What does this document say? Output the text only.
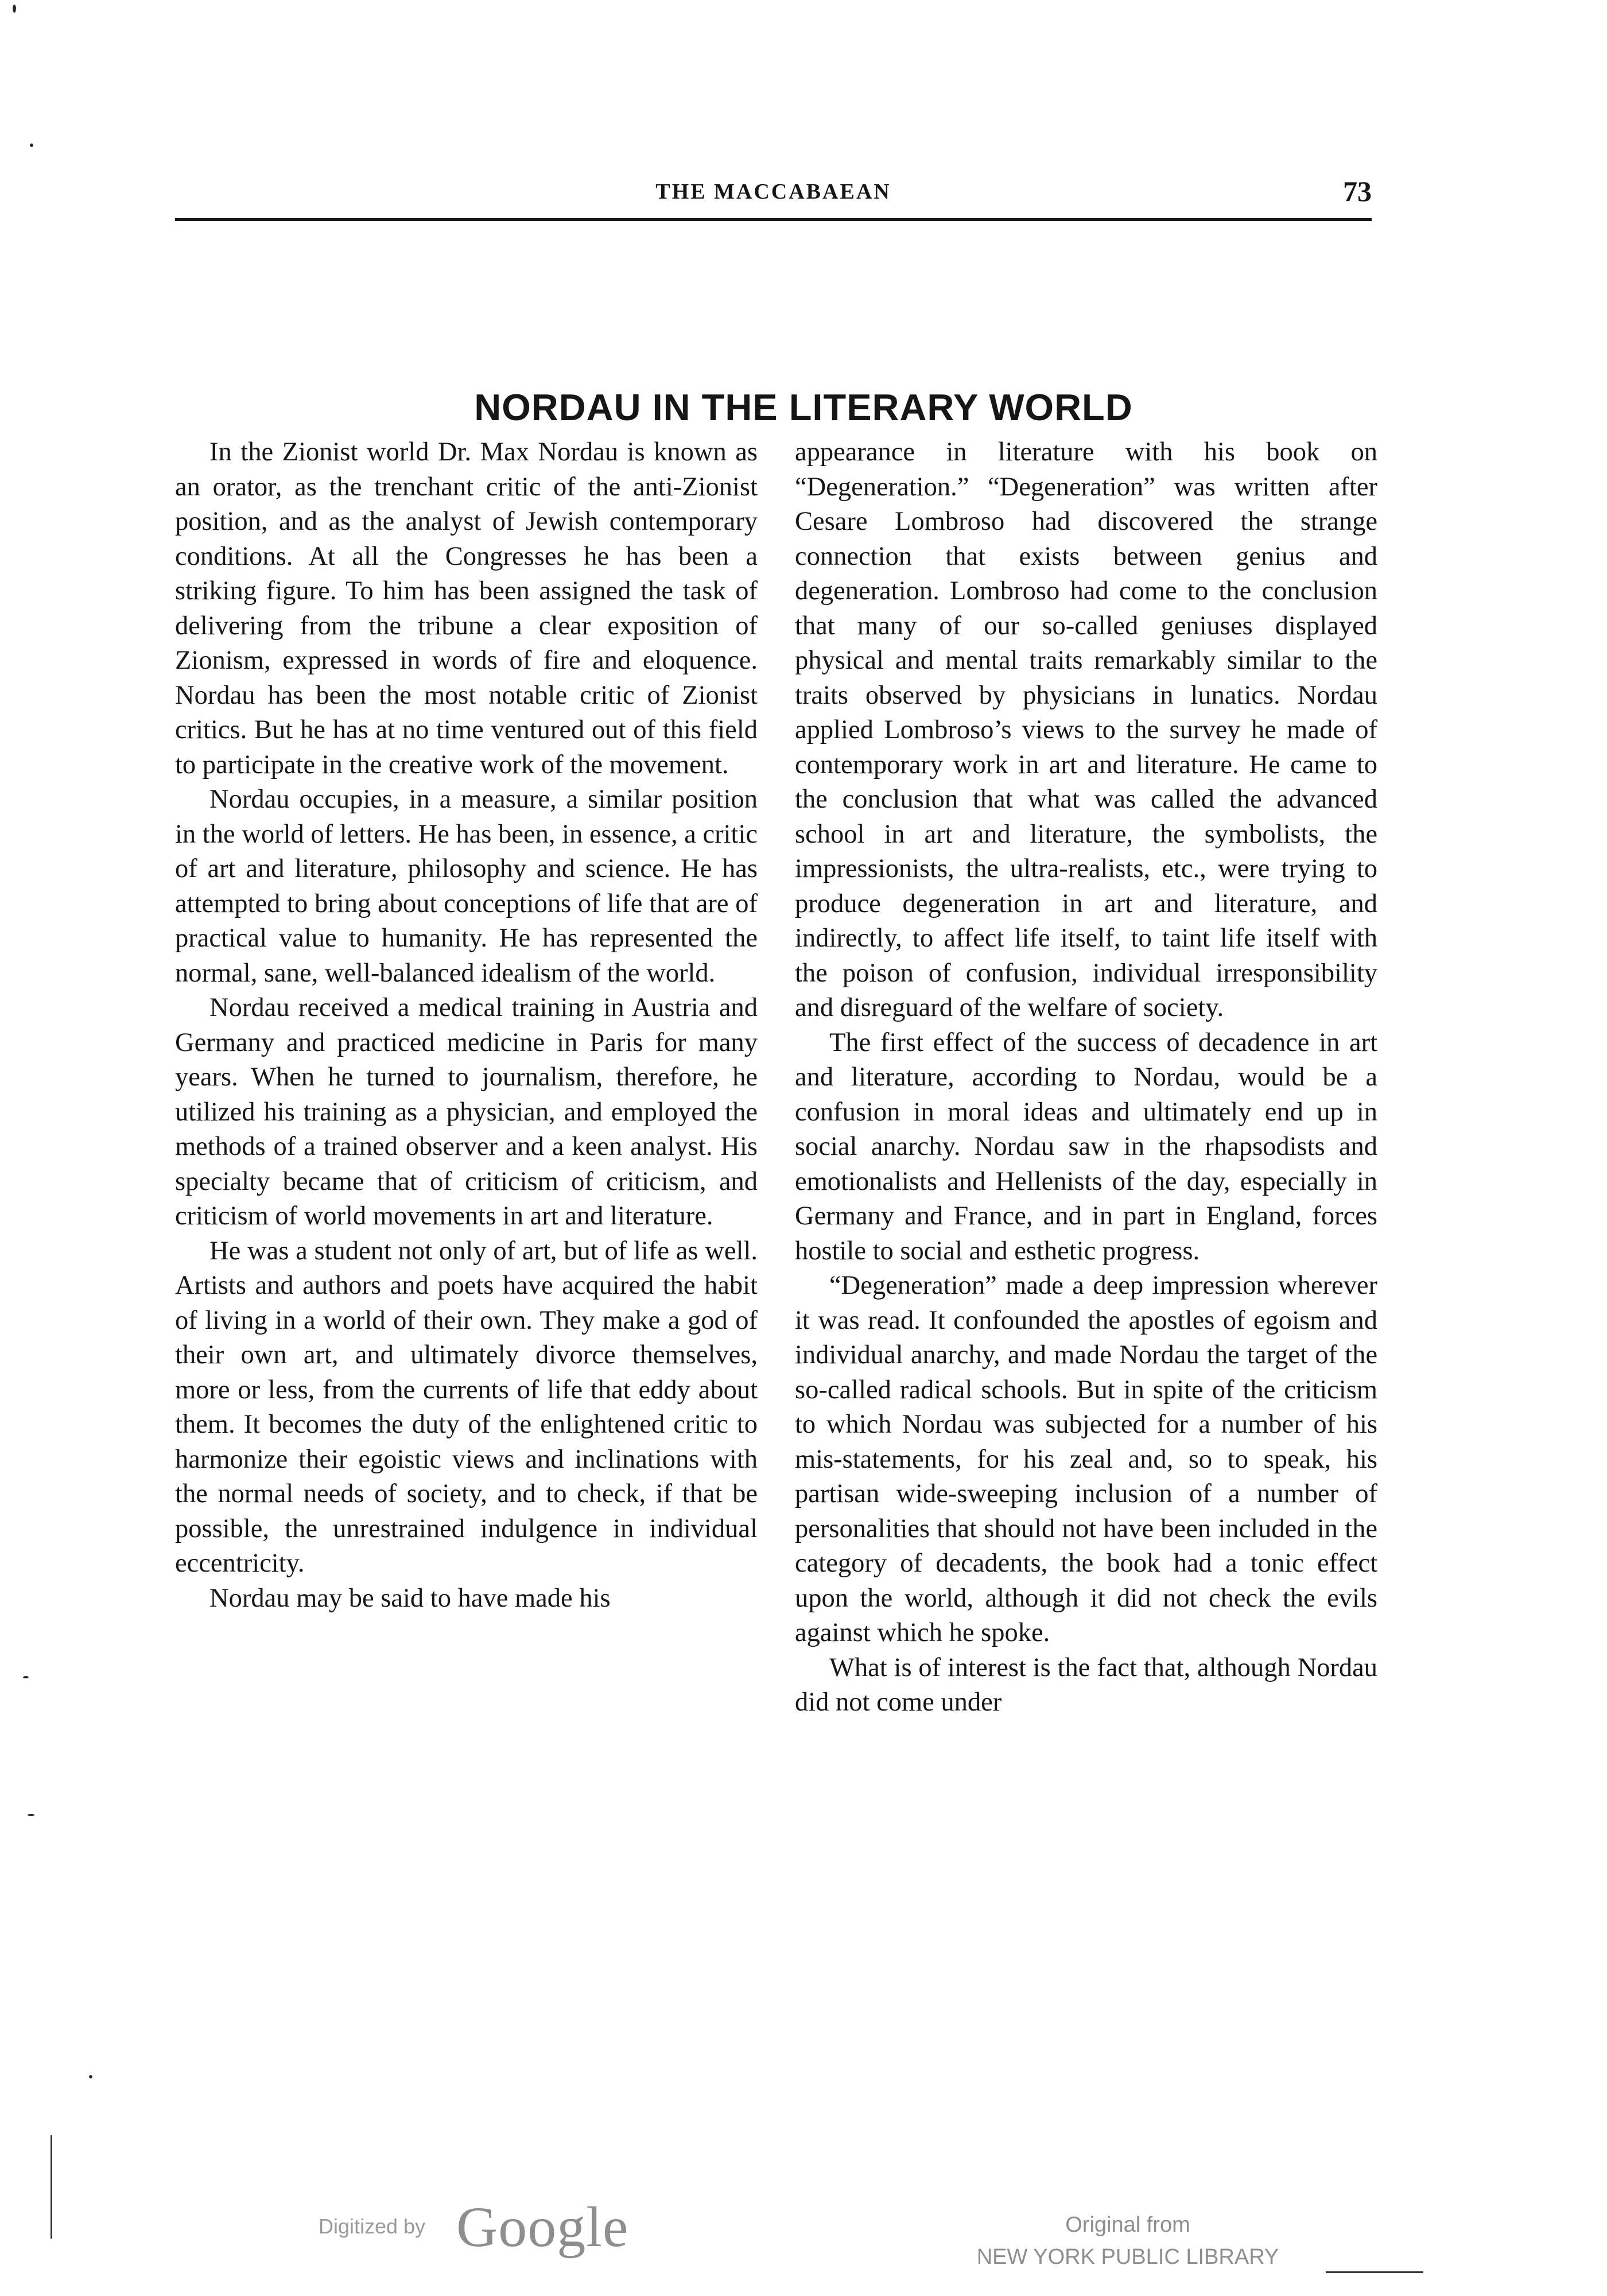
THE MACCABAEAN	73
NORDAU IN THE LITERARY WORLD

In the Zionist world Dr. Max Nordau is known as an orator, as the trenchant critic of the anti-Zionist position, and as the analyst of Jewish contemporary conditions. At all the Congresses he has been a striking figure. To him has been assigned the task of delivering from the tribune a clear exposition of Zionism, expressed in words of fire and eloquence. Nordau has been the most notable critic of Zionist critics. But he has at no time ventured out of this field to participate in the creative work of the movement.

Nordau occupies, in a measure, a similar position in the world of letters. He has been, in essence, a critic of art and literature, philosophy and science. He has attempted to bring about conceptions of life that are of practical value to humanity. He has represented the normal, sane, well-balanced idealism of the world.

Nordau received a medical training in Austria and Germany and practiced medicine in Paris for many years. When he turned to journalism, therefore, he utilized his training as a physician, and employed the methods of a trained observer and a keen analyst. His specialty became that of criticism of criticism, and criticism of world movements in art and literature.

He was a student not only of art, but of life as well. Artists and authors and poets have acquired the habit of living in a world of their own. They make a god of their own art, and ultimately divorce themselves, more or less, from the currents of life that eddy about them. It becomes the duty of the enlightened critic to harmonize their egoistic views and inclinations with the normal needs of society, and to check, if that be possible, the unrestrained indulgence in individual eccentricity.

Nordau may be said to have made his

appearance in literature with his book on “Degeneration.” “Degeneration” was written after Cesare Lombroso had discovered the strange connection that exists between genius and degeneration. Lombroso had come to the conclusion that many of our so-called geniuses displayed physical and mental traits remarkably similar to the traits observed by physicians in lunatics. Nordau applied Lombroso’s views to the survey he made of contemporary work in art and literature. He came to the conclusion that what was called the advanced school in art and literature, the symbolists, the impressionists, the ultra-realists, etc., were trying to produce degeneration in art and literature, and indirectly, to affect life itself, to taint life itself with the poison of confusion, individual irresponsibility and disreguard of the welfare of society.

The first effect of the success of decadence in art and literature, according to Nordau, would be a confusion in moral ideas and ultimately end up in social anarchy. Nordau saw in the rhapsodists and emotionalists and Hellenists of the day, especially in Germany and France, and in part in England, forces hostile to social and esthetic progress.

“Degeneration” made a deep impression wherever it was read. It confounded the apostles of egoism and individual anarchy, and made Nordau the target of the so-called radical schools. But in spite of the criticism to which Nordau was subjected for a number of his mis-statements, for his zeal and, so to speak, his partisan wide-sweeping inclusion of a number of personalities that should not have been included in the category of decadents, the book had a tonic effect upon the world, although it did not check the evils against which he spoke.

What is of interest is the fact that, although Nordau did not come under

Digitized by Google	Original from
NEW YORK PUBLIC LIBRARY
